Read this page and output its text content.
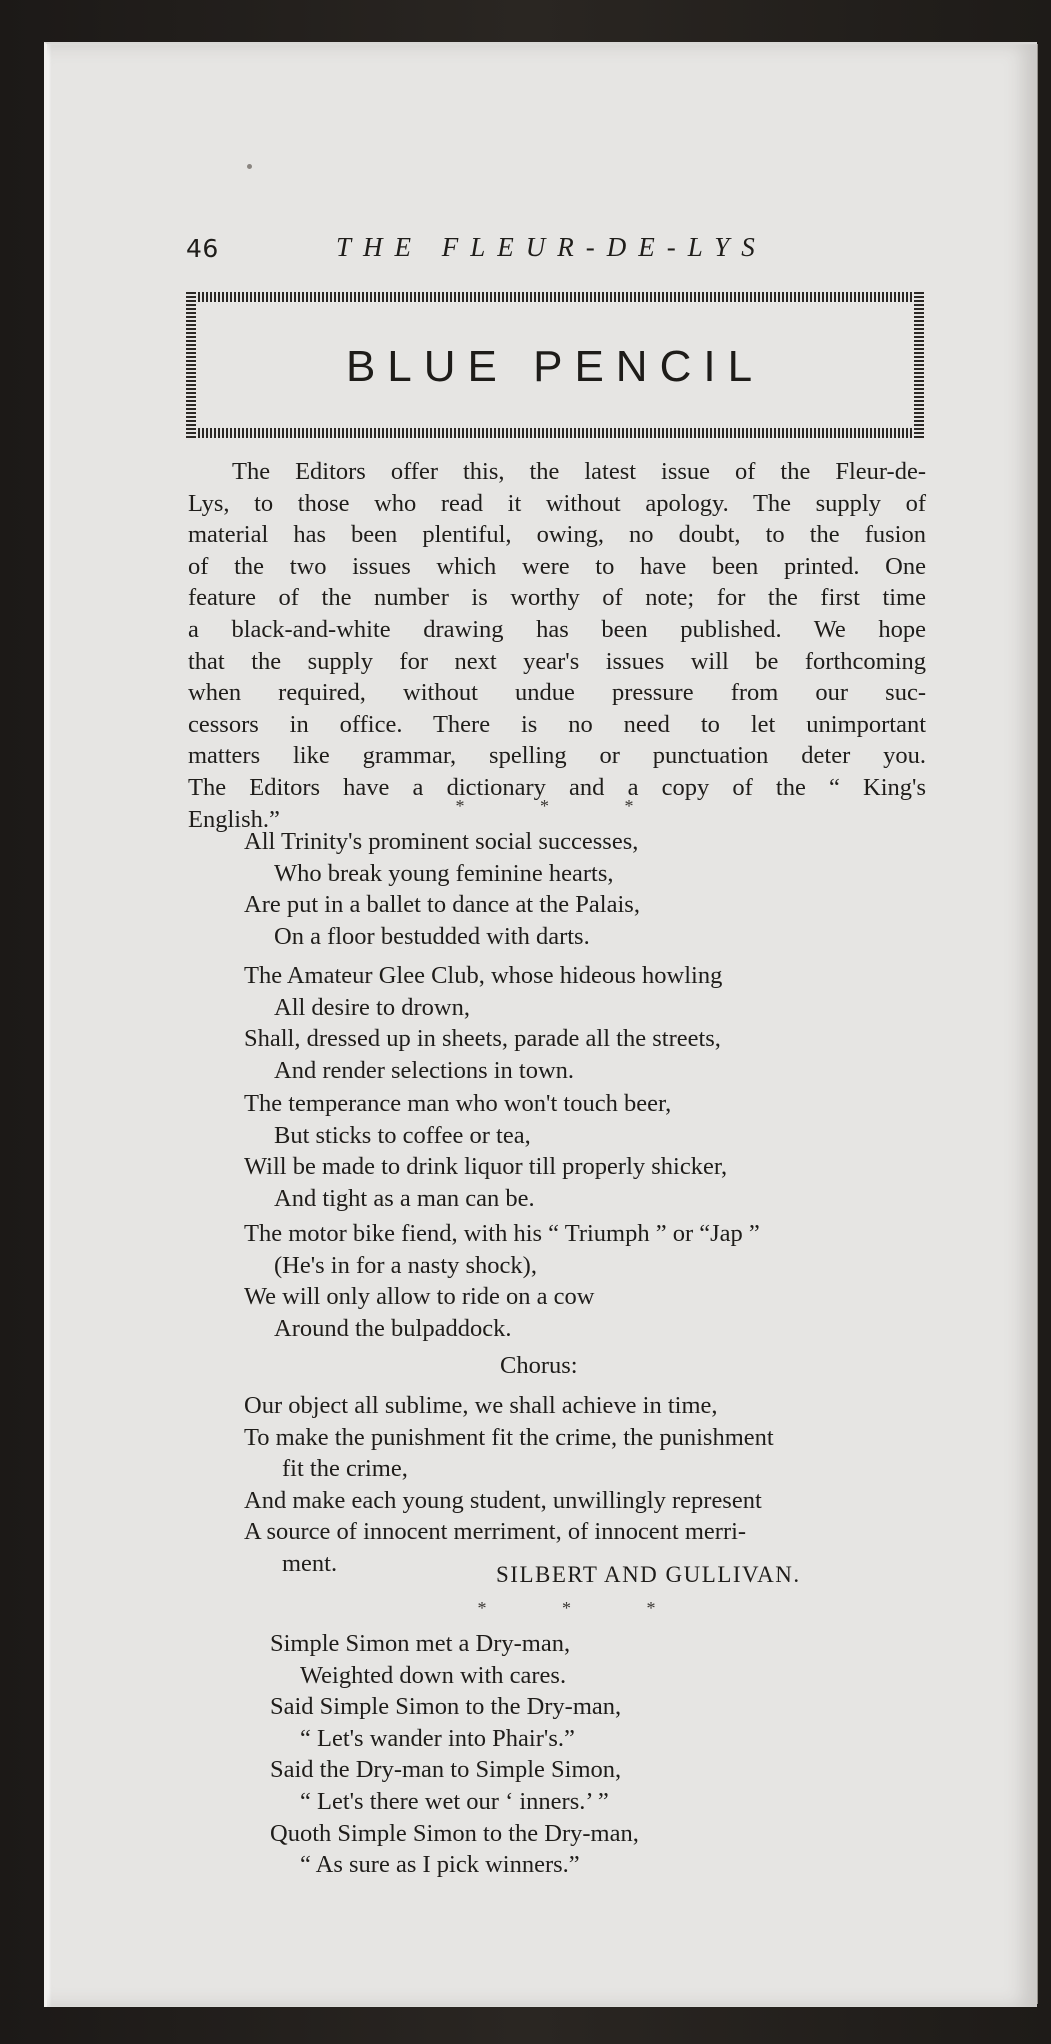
46	THE FLEUR-DE-LYS
BLUE PENCIL
The Editors offer this, the latest issue of the Fleur-de-
Lys, to those who read it without apology. The supply of
material has been plentiful, owing, no doubt, to the fusion
of the two issues which were to have been printed. One
feature of the number is worthy of note; for the first time
a black-and-white drawing has been published. We hope
that the supply for next year's issues will be forthcoming
when required, without undue pressure from our suc-
cessors in office. There is no need to let unimportant
matters like grammar, spelling or punctuation deter you.
The Editors have a dictionary and a copy of the “ King's
English.”	*	*	*
All Trinity's prominent social successes,
Who break young feminine hearts,
Are put in a ballet to dance at the Palais,
On a floor bestudded with darts.
The Amateur Glee Club, whose hideous howling
All desire to drown,
Shall, dressed up in sheets, parade all the streets,
And render selections in town.
The temperance man who won't touch beer,
But sticks to coffee or tea,
Will be made to drink liquor till properly shicker,
And tight as a man can be.
The motor bike fiend, with his “ Triumph ” or “Jap ”
(He's in for a nasty shock),
We will only allow to ride on a cow
Around the bulpaddock.
Chorus:
Our object all sublime, we shall achieve in time,
To make the punishment fit the crime, the punishment
fit the crime,
And make each young student, unwillingly represent
A source of innocent merriment, of innocent merri-
ment.	SILBERT AND GULLIVAN.
*	*	*
Simple Simon met a Dry-man,
Weighted down with cares.
Said Simple Simon to the Dry-man,
“ Let's wander into Phair's.”
Said the Dry-man to Simple Simon,
“ Let's there wet our ‘ inners.’ ”
Quoth Simple Simon to the Dry-man,
“ As sure as I pick winners.”
